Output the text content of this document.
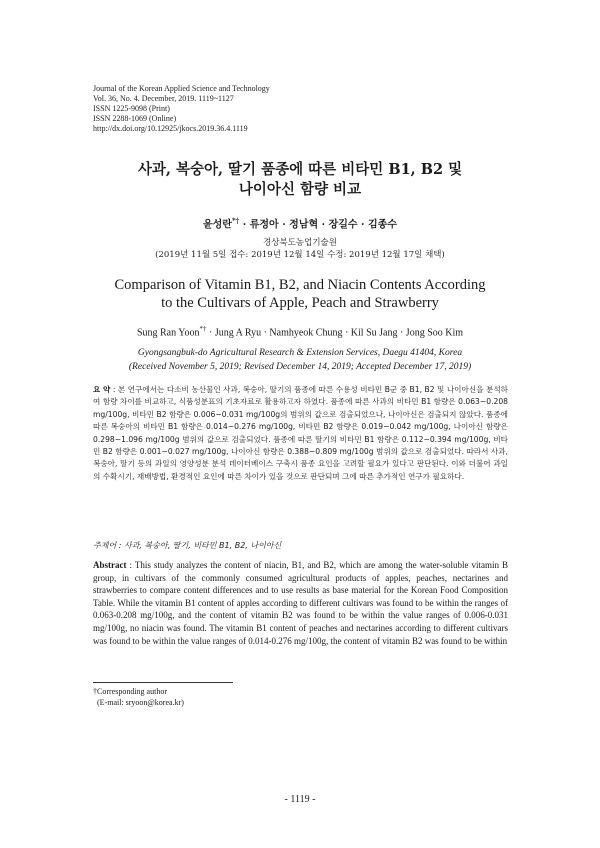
Journal of the Korean Applied Science and Technology
Vol. 36, No. 4. December, 2019. 1119~1127
ISSN 1225-9098 (Print)
ISSN 2288-1069 (Online)
http://dx.doi.org/10.12925/jkocs.2019.36.4.1119
사과, 복숭아, 딸기 품종에 따른 비타민 B1, B2 및
나이아신 함량 비교
윤성란*† · 류정아 · 정남혁 · 장길수 · 김종수
경상북도농업기술원
(2019년 11월 5일 접수: 2019년 12월 14일 수정: 2019년 12월 17일 채택)
Comparison of Vitamin B1, B2, and Niacin Contents According
to the Cultivars of Apple, Peach and Strawberry
Sung Ran Yoon*† · Jung A Ryu · Namhyeok Chung · Kil Su Jang · Jong Soo Kim
Gyongsangbuk-do Agricultural Research & Extension Services, Daegu 41404, Korea
(Received November 5, 2019; Revised December 14, 2019; Accepted December 17, 2019)
요 약 : 본 연구에서는 다소비 농산물인 사과, 복숭아, 딸기의 품종에 따른 수용성 비타민 B군 중 B1, B2 및 나이아신을 분석하여 함량 차이를 비교하고, 식품성분표의 기초자료로 활용하고자 하였다. 품종에 따른 사과의 비타민 B1 함량은 0.063~0.208 mg/100g, 비타민 B2 함량은 0.006~0.031 mg/100g의 범위의 값으로 검출되었으나, 나이아신은 검출되지 않았다. 품종에 따른 복숭아의 비타민 B1 함량은 0.014~0.276 mg/100g, 비타민 B2 함량은 0.019~0.042 mg/100g, 나이아신 함량은 0.298~1.096 mg/100g 범위의 값으로 검출되었다. 품종에 따른 딸기의 비타민 B1 함량은 0.112~0.394 mg/100g, 비타민 B2 함량은 0.001~0.027 mg/100g, 나이아신 함량은 0.388~0.809 mg/100g 범위의 값으로 검출되었다. 따라서 사과, 복숭아, 딸기 등의 과일의 영양성분 분석 데이터베이스 구축시 품종 요인을 고려할 필요가 있다고 판단된다. 이와 더불어 과일의 수확시기, 재배방법, 환경적인 요인에 따른 차이가 있을 것으로 판단되며 그에 따른 추가적인 연구가 필요하다.
주제어 : 사과, 복숭아, 딸기, 비타민 B1, B2, 나이아신
Abstract : This study analyzes the content of niacin, B1, and B2, which are among the water-soluble vitamin B group, in cultivars of the commonly consumed agricultural products of apples, peaches, nectarines and strawberries to compare content differences and to use results as base material for the Korean Food Composition Table. While the vitamin B1 content of apples according to different cultivars was found to be within the ranges of 0.063-0.208 mg/100g, and the content of vitamin B2 was found to be within the value ranges of 0.006-0.031 mg/100g, no niacin was found. The vitamin B1 content of peaches and nectarines according to different cultivars was found to be within the value ranges of 0.014-0.276 mg/100g, the content of vitamin B2 was found to be within
†Corresponding author
(E-mail: sryoon@korea.kr)
- 1119 -
